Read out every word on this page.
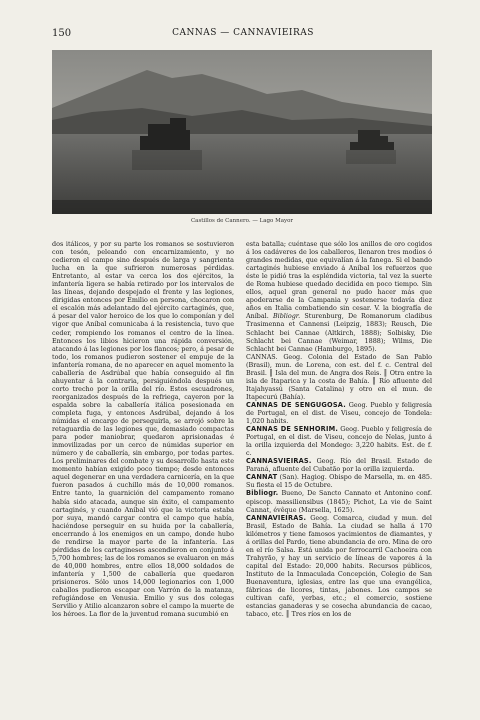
150	CANNAS — CANNAVIEIRAS
Castillos de Cannero. — Lago Mayor

dos itálicos, y por su parte los romanos se sostuvieron con tesón, peleando con encarnizamiento, y no cedieron el campo sino después de larga y sangrienta lucha en la que sufrieron numerosas pérdidas. Entretanto, al estar va cerca los dos ejércitos, la infantería ligera se había retirado por los intervalos de las líneas, dejando despejado el frente y las legiones, dirigidas entonces por Emilio en persona, chocaron con el escalón más adelantado del ejército cartaginés, que, á pesar del valor heroico de los que lo componían y del vigor que Aníbal comunicaba á la resistencia, tuvo que ceder, rompiendo los romanos el centro de la línea. Entonces los libios hicieron una rápida conversión, atacando á las legiones por los flancos; pero, á pesar de todo, los romanos pudieron sostener el empuje de la infantería romana, de no aparecer en aquel momento la caballería de Asdrúbal que había conseguido al fin ahuyentar á la contraria, persiguiéndola después un corto trecho por la orilla del río. Estos escuadrones, reorganizados después de la refriega, cayeron por la espalda sobre la caballería itálica posesionada en completa fuga, y entonces Asdrúbal, dejando á los númidas el encargo de perseguirla, se arrojó sobre la retaguardia de las legiones que, demasiado compactas para poder maniobrar, quedaron aprisionadas é inmovilizadas por un cerco de númidas superior en número y de caballería, sin embargo, por todas partes. Los preliminares del combate y su desarrollo hasta este momento habían exigido poco tiempo; desde entonces aquel degenerar en una verdadera carnicería, en la que fueron pasados á cuchillo más de 10,000 romanos. Entre tanto, la guarnición del campamento romano había sido atacada, aunque sin éxito, el campamento cartaginés, y cuando Aníbal vió que la victoria estaba por suya, mandó cargar contra el campo que había, haciéndose perseguir en su huida por la caballería, encerrando á los enemigos en un campo, donde hubo de rendirse la mayor parte de la infantería. Las pérdidas de los cartagineses ascendieron en conjunto á 5,700 hombres; las de los romanos se evaluaron en más de 40,000 hombres, entre ellos 18,000 soldados de infantería y 1,500 de caballería que quedaron prisioneros. Sólo unos 14,000 legionarios con 1,000 caballos pudieron escapar con Varrón de la matanza, refugiándose en Venusia. Emilio y sus dos colegas Servilio y Atilio alcanzaron sobre el campo la muerte de los héroes. La flor de la juventud romana sucumbió en

esta batalla; cuéntase que sólo los anillos de oro cogidos á los cadáveres de los caballeros, llenaron tres modios ó grandes medidas, que equivalían á la fanega. Si el bando cartaginés hubiese enviado á Aníbal los refuerzos que éste le pidió tras la espléndida victoria, tal vez la suerte de Roma hubiese quedado decidida en poco tiempo. Sin ellos, aquel gran general no pudo hacer más que apoderarse de la Campania y sostenerse todavía diez años en Italia combatiendo sin cesar. V. la biografía de Aníbal. Bibliogr. Sturenburg, De Romanorum cladibus Trasimenna et Cannensi (Leipzig, 1883); Reusch, Die Schlacht bei Cannae (Altkirch, 1888); Solbisky, Die Schlacht bei Cannae (Weimar, 1888); Wilms, Die Schlacht bei Cannae (Hamburgo, 1895).

CANNAS. Geog. Colonia del Estado de San Pablo (Brasil), mun. de Lorena, con est. del f. c. Central del Brasil. ║ Isla del mun. de Angra dos Reis. ║ Otra entre la isla de Itaparica y la costa de Bahía. ║ Río afluente del Itajahyassú (Santa Catalina) y otro en el mun. de Itapecurú (Bahía).

CANNAS DE SENGUGOSA. Geog. Pueblo y feligresía de Portugal, en el dist. de Viseu, concejo de Tondela: 1,020 habits.

CANNAS DE SENHORIM. Geog. Pueblo y feligresía de Portugal, en el dist. de Viseu, concejo de Nelas, junto á la orilla izquierda del Mondego: 3,220 habits. Est. de f. c.

CANNASVIEIRAS. Geog. Río del Brasil. Estado de Paraná, afluente del Cubatão por la orilla izquierda.

CANNAT (San). Hagiog. Obispo de Marsella, m. en 485. Su fiesta el 15 de Octubre.

Bibliogr. Bueno, De Sancto Cannato et Antonino conf. episcop. massiliensibus (1845); Pichot, La vie de Saint Cannat, évêque (Marsella, 1625).

CANNAVIEIRAS. Geog. Comarca, ciudad y mun. del Brasil, Estado de Bahía. La ciudad se halla á 170 kilómetros y tiene famosos yacimientos de diamantes, y á orillas del Pardo, tiene abundancia de oro. Mina de oro en el río Salsa. Está unida por ferrocarril Cachoeira con Trahyrão, y hay un servicio de líneas de vapores á la capital del Estado: 20,000 habits. Recursos públicos, Instituto de la Inmaculada Concepción, Colegio de San Buenaventura, iglesias, entre las que una evangélica, fábricas de licores, tintas, jabones. Los campos se cultivan café, yerbas, etc.; el comercio, sostiene estancias ganaderas y se cosecha abundancia de cacao, tabaco, etc. ║ Tres ríos en los de
